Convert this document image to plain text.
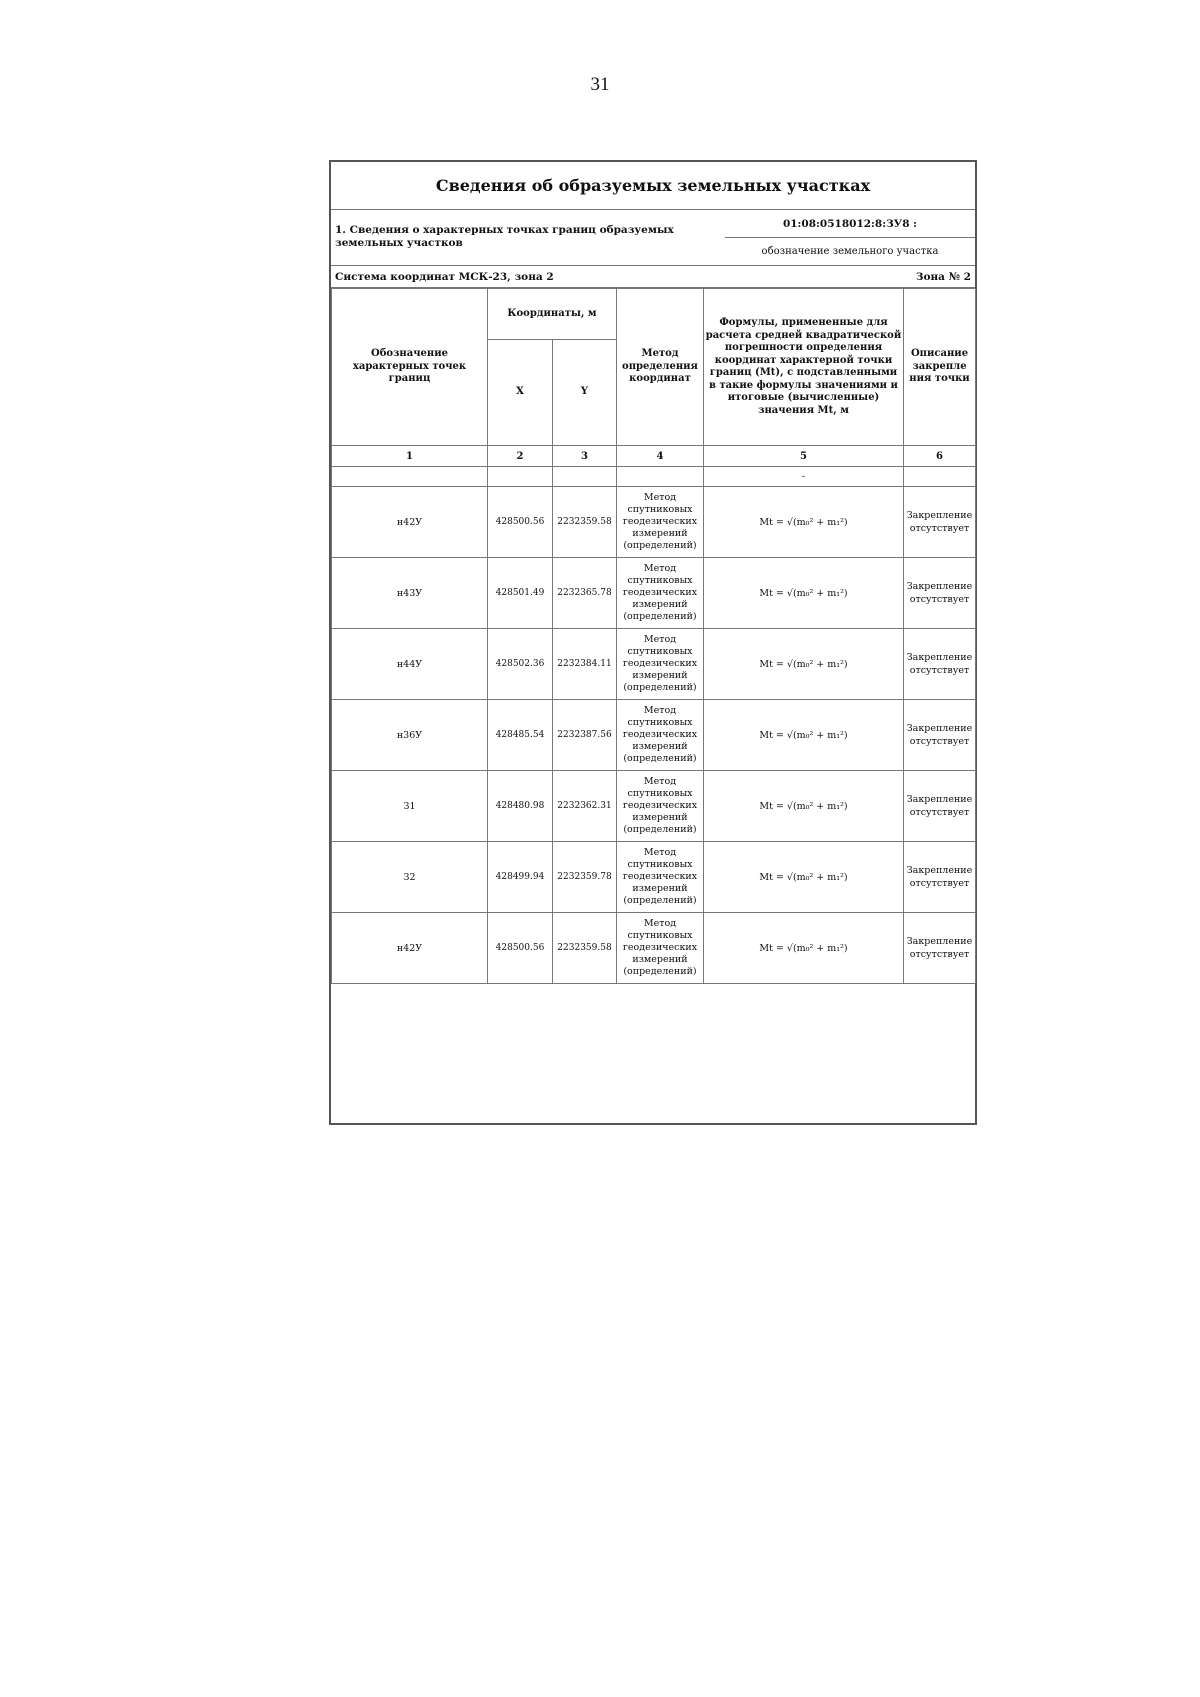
31
Сведения об образуемых земельных участках
1. Сведения о характерных точках границ образуемых земельных участков
01:08:0518012:8:ЗУ8 :
обозначение земельного участка
Система координат МСК-23, зона 2	Зона № 2
Обозначение характерных точек границ	Координаты, м		Метод определения координат	Формулы, примененные для расчета средней квадратической погрешности определения координат характерной точки границ (Mt), с подставленными в такие формулы значениями и итоговые (вычисленные) значения Mt, м	Описание закрепле ния точки
	X	Y			
1	2	3	4	5	6
				-	
н42У	428500.56	2232359.58	Метод спутниковых геодезических измерений (определений)	Mt = √(m₀² + m₁²)	Закрепление отсутствует
н43У	428501.49	2232365.78	Метод спутниковых геодезических измерений (определений)	Mt = √(m₀² + m₁²)	Закрепление отсутствует
н44У	428502.36	2232384.11	Метод спутниковых геодезических измерений (определений)	Mt = √(m₀² + m₁²)	Закрепление отсутствует
н36У	428485.54	2232387.56	Метод спутниковых геодезических измерений (определений)	Mt = √(m₀² + m₁²)	Закрепление отсутствует
31	428480.98	2232362.31	Метод спутниковых геодезических измерений (определений)	Mt = √(m₀² + m₁²)	Закрепление отсутствует
32	428499.94	2232359.78	Метод спутниковых геодезических измерений (определений)	Mt = √(m₀² + m₁²)	Закрепление отсутствует
н42У	428500.56	2232359.58	Метод спутниковых геодезических измерений (определений)	Mt = √(m₀² + m₁²)	Закрепление отсутствует
